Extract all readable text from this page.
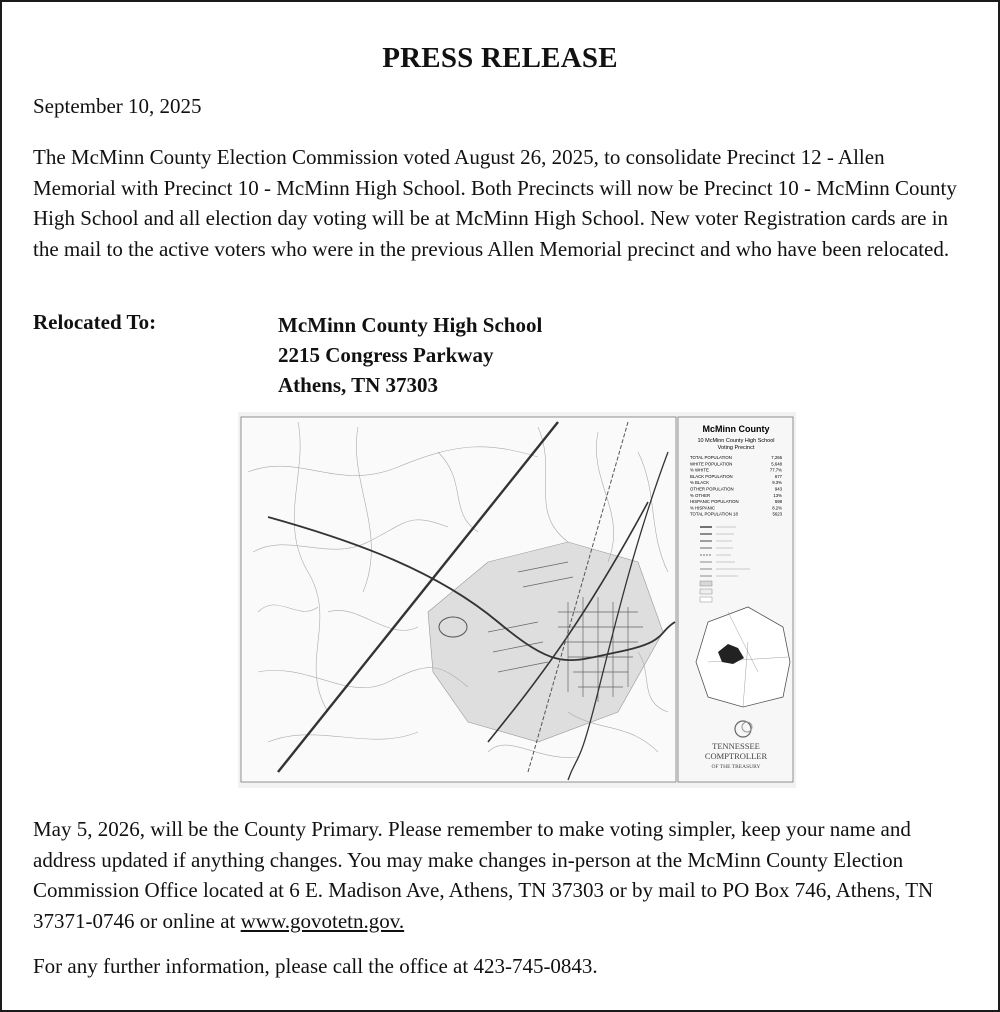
PRESS RELEASE
September 10, 2025

The McMinn County Election Commission voted August 26, 2025, to consolidate Precinct 12 - Allen Memorial with Precinct 10 - McMinn High School. Both Precincts will now be Precinct 10 - McMinn County High School and all election day voting will be at McMinn High School. New voter Registration cards are in the mail to the active voters who were in the previous Allen Memorial precinct and who have been relocated.

Relocated To:	McMinn County High School
2215 Congress Parkway
Athens, TN 37303
McMinn County
10 McMinn County High School
Voting Precinct
TOTAL POPULATION	7,266
WHITE POPULATION	5,648
% WHITE	77.7%
BLACK POPULATION	677
% BLACK	9.3%
OTHER POPULATION	943
% OTHER	13%
HISPANIC POPULATION	598
% HISPANIC	8.2%
TOTAL POPULATION 18	5623
TENNESSEE
COMPTROLLER
OF THE TREASURY

May 5, 2026, will be the County Primary. Please remember to make voting simpler, keep your name and address updated if anything changes. You may make changes in-person at the McMinn County Election Commission Office located at 6 E. Madison Ave, Athens, TN 37303 or by mail to PO Box 746, Athens, TN 37371-0746 or online at www.govotetn.gov.

For any further information, please call the office at 423-745-0843.
